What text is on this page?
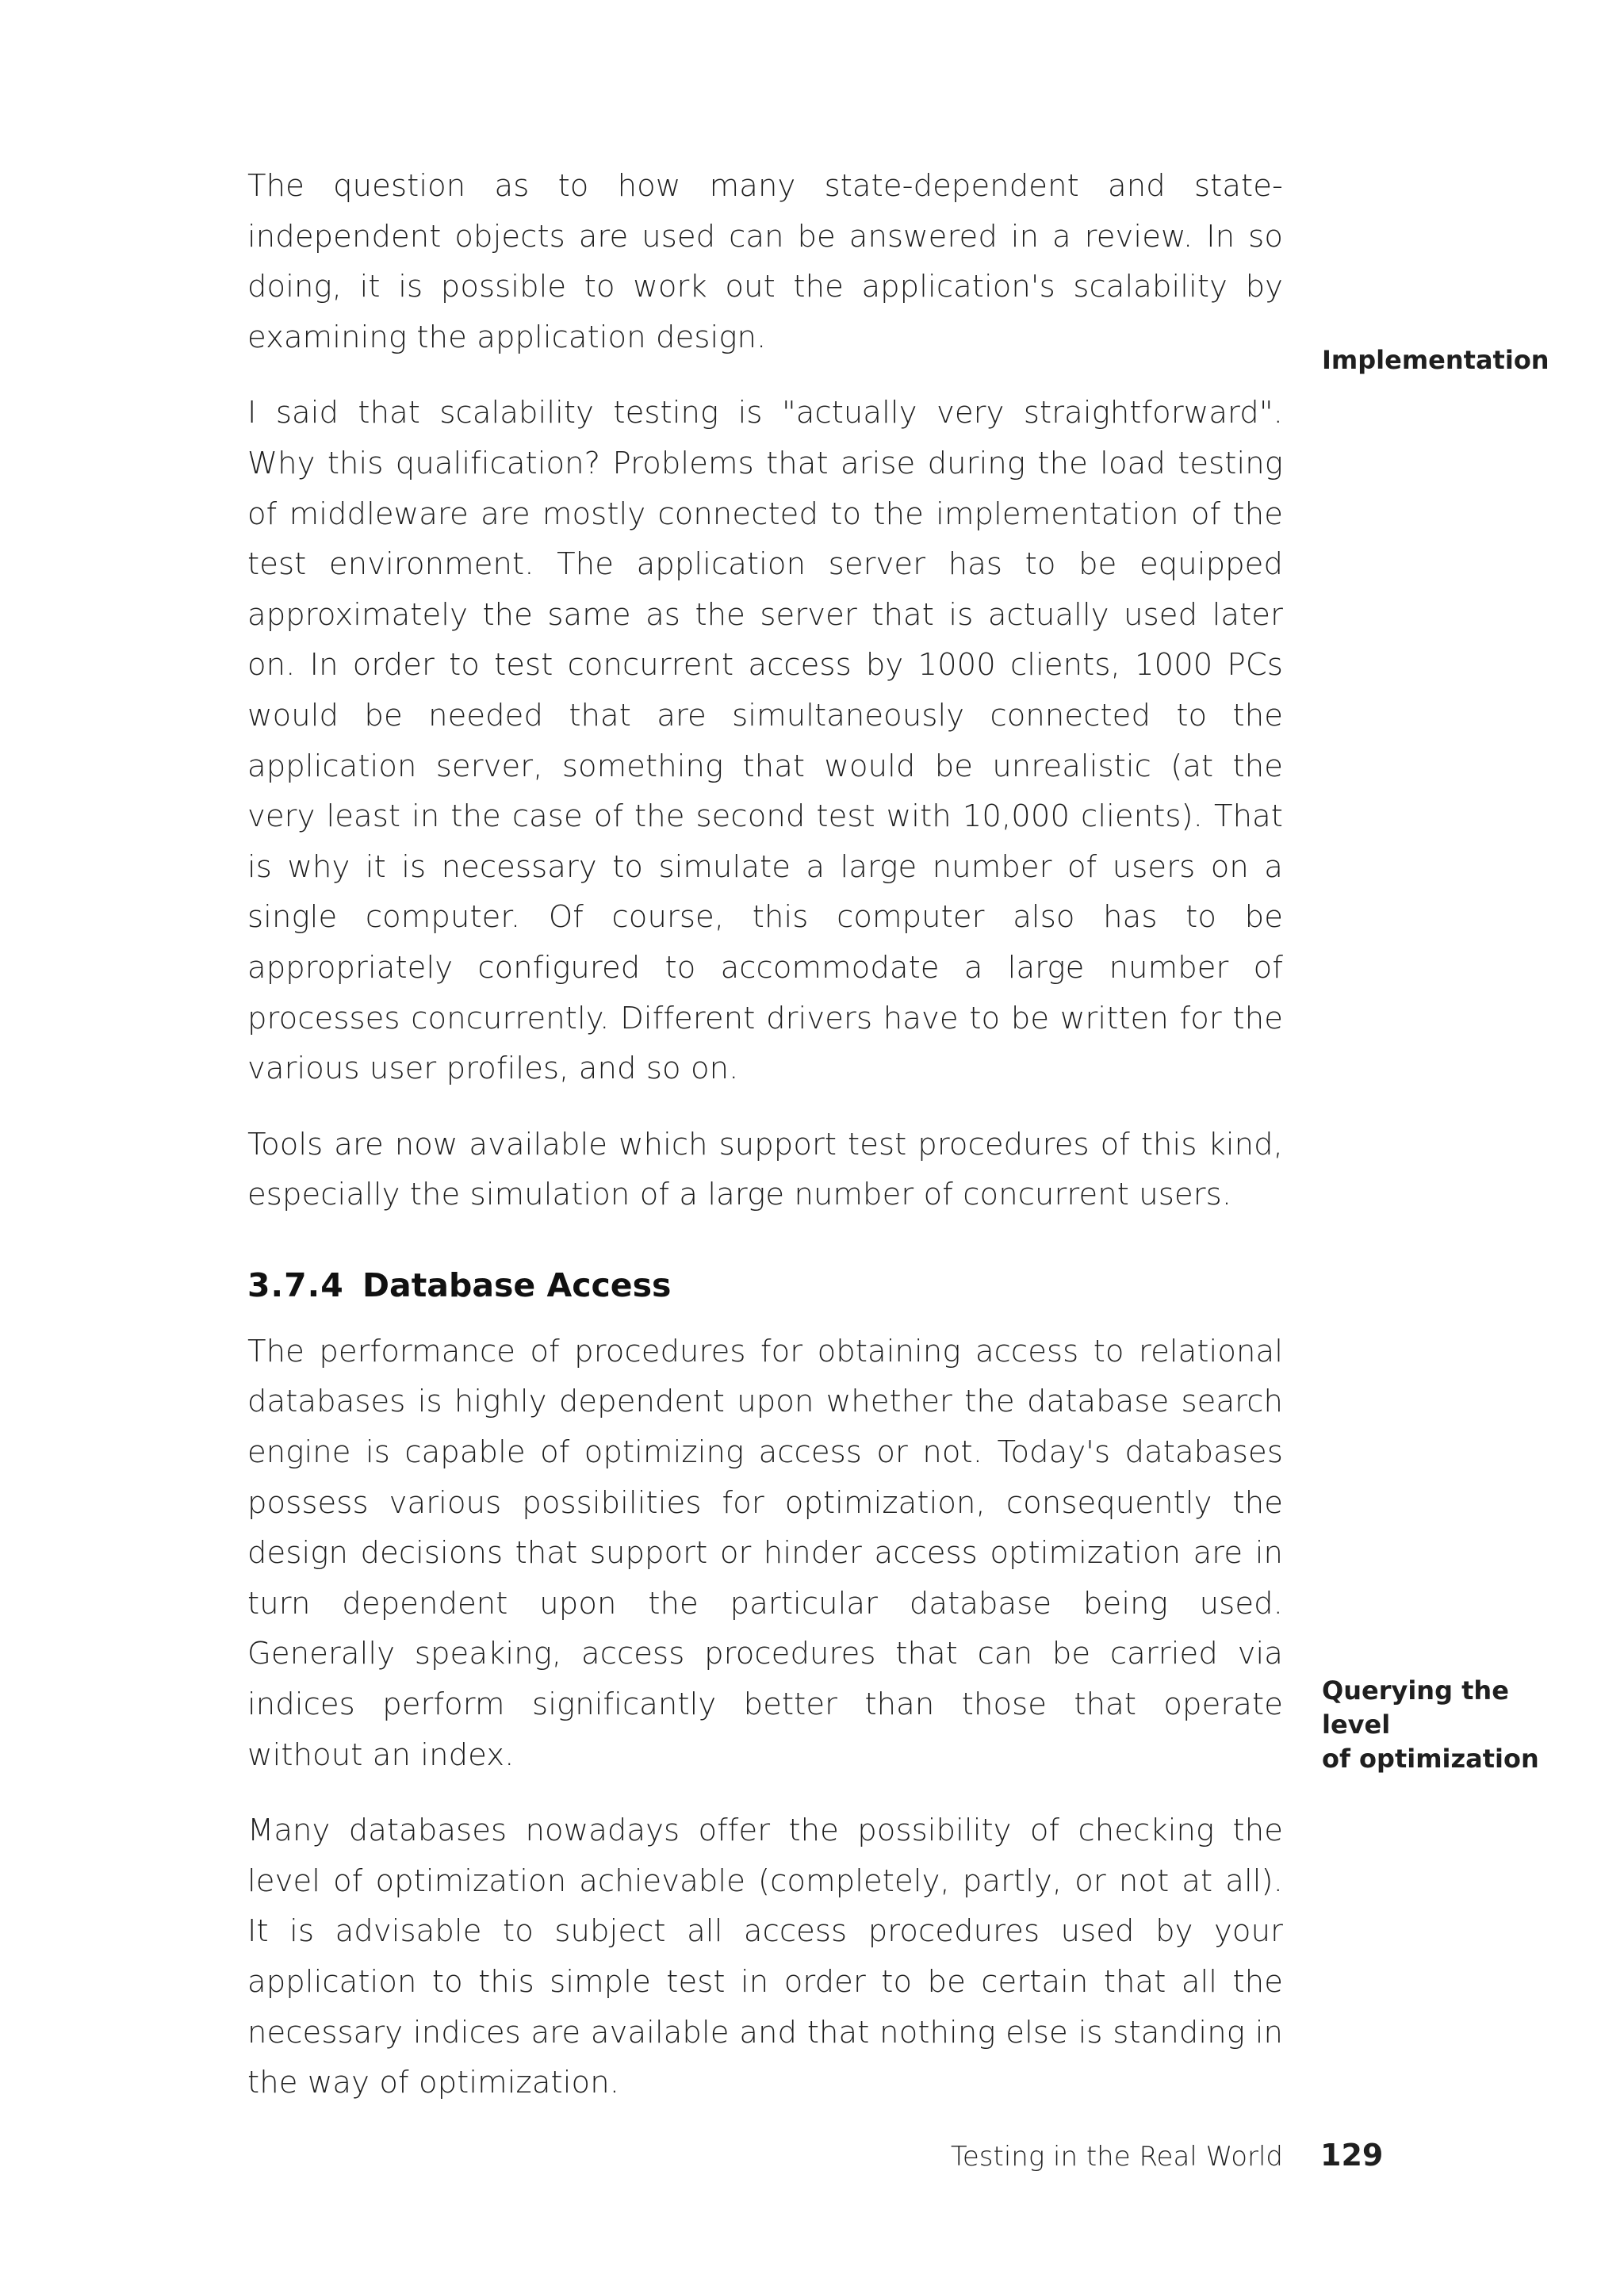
The question as to how many state-dependent and state-independent objects are used can be answered in a review. In so doing, it is possible to work out the application's scalability by examining the application design.

I said that scalability testing is "actually very straightforward". Why this qualification? Problems that arise during the load testing of middleware are mostly connected to the implementation of the test environment. The application server has to be equipped approximately the same as the server that is actually used later on. In order to test concurrent access by 1000 clients, 1000 PCs would be needed that are simultaneously connected to the application server, something that would be unrealistic (at the very least in the case of the second test with 10,000 clients). That is why it is necessary to simulate a large number of users on a single computer. Of course, this computer also has to be appropriately configured to accommodate a large number of processes concurrently. Different drivers have to be written for the various user profiles, and so on.

Tools are now available which support test procedures of this kind, especially the simulation of a large number of concurrent users.

3.7.4 Database Access

The performance of procedures for obtaining access to relational databases is highly dependent upon whether the database search engine is capable of optimizing access or not. Today's databases possess various possibilities for optimization, consequently the design decisions that support or hinder access optimization are in turn dependent upon the particular database being used. Generally speaking, access procedures that can be carried via indices perform significantly better than those that operate without an index.

Many databases nowadays offer the possibility of checking the level of optimization achievable (completely, partly, or not at all). It is advisable to subject all access procedures used by your application to this simple test in order to be certain that all the necessary indices are available and that nothing else is standing in the way of optimization.

Implementation
Querying the level
of optimization
Testing in the Real World 129
